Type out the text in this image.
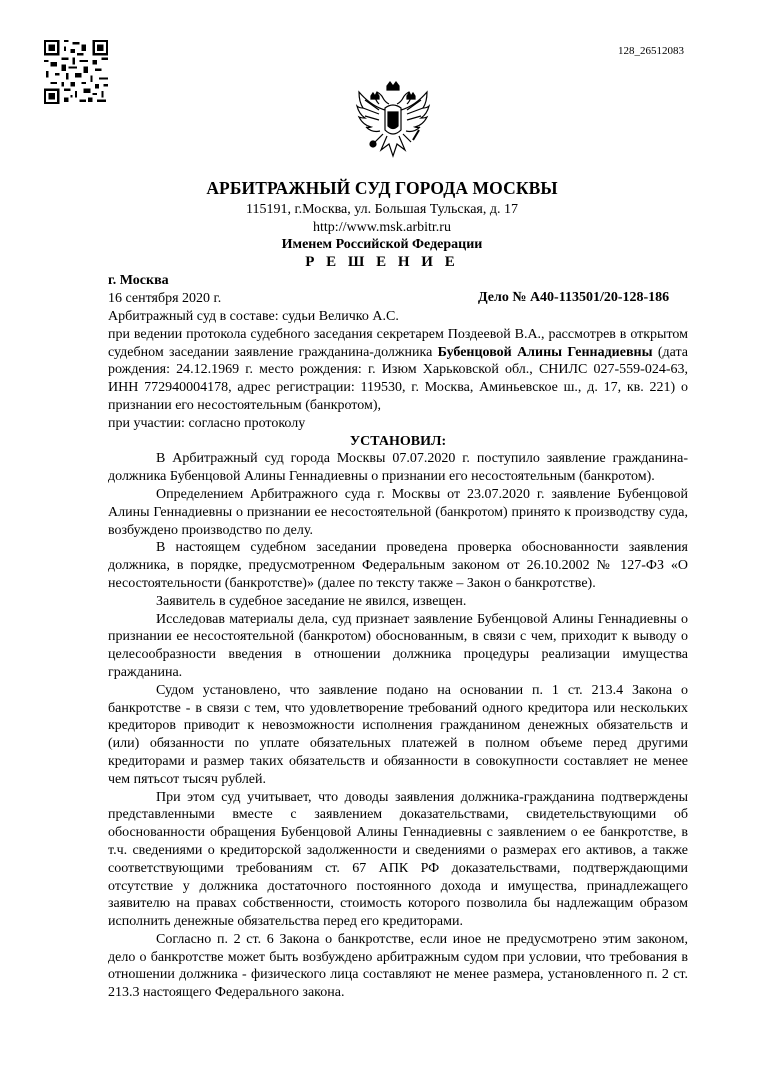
128_26512083
АРБИТРАЖНЫЙ СУД ГОРОДА МОСКВЫ
115191, г.Москва, ул. Большая Тульская, д. 17
http://www.msk.arbitr.ru
Именем Российской Федерации
Р Е Ш Е Н И Е
г. Москва
16 сентября 2020 г.	Дело № А40-113501/20-128-186

Арбитражный суд в составе: судьи Величко А.С.

при ведении протокола судебного заседания секретарем Поздеевой В.А., рассмотрев в открытом судебном заседании заявление гражданина-должника Бубенцовой Алины Геннадиевны (дата рождения: 24.12.1969 г. место рождения: г. Изюм Харьковской обл., СНИЛС 027-559-024-63, ИНН 772940004178, адрес регистрации: 119530, г. Москва, Аминьевское ш., д. 17, кв. 221) о признании его несостоятельным (банкротом),

при участии: согласно протоколу

УСТАНОВИЛ:

В Арбитражный суд города Москвы 07.07.2020 г. поступило заявление гражданина-должника Бубенцовой Алины Геннадиевны о признании его несостоятельным (банкротом).

Определением Арбитражного суда г. Москвы от 23.07.2020 г. заявление Бубенцовой Алины Геннадиевны о признании ее несостоятельной (банкротом) принято к производству суда, возбуждено производство по делу.

В настоящем судебном заседании проведена проверка обоснованности заявления должника, в порядке, предусмотренном Федеральным законом от 26.10.2002 № 127-ФЗ «О несостоятельности (банкротстве)» (далее по тексту также – Закон о банкротстве).

Заявитель в судебное заседание не явился, извещен.

Исследовав материалы дела, суд признает заявление Бубенцовой Алины Геннадиевны о признании ее несостоятельной (банкротом) обоснованным, в связи с чем, приходит к выводу о целесообразности введения в отношении должника процедуры реализации имущества гражданина.

Судом установлено, что заявление подано на основании п. 1 ст. 213.4 Закона о банкротстве - в связи с тем, что удовлетворение требований одного кредитора или нескольких кредиторов приводит к невозможности исполнения гражданином денежных обязательств и (или) обязанности по уплате обязательных платежей в полном объеме перед другими кредиторами и размер таких обязательств и обязанности в совокупности составляет не менее чем пятьсот тысяч рублей.

При этом суд учитывает, что доводы заявления должника-гражданина подтверждены представленными вместе с заявлением доказательствами, свидетельствующими об обоснованности обращения Бубенцовой Алины Геннадиевны с заявлением о ее банкротстве, в т.ч. сведениями о кредиторской задолженности и сведениями о размерах его активов, а также соответствующими требованиям ст. 67 АПК РФ доказательствами, подтверждающими отсутствие у должника достаточного постоянного дохода и имущества, принадлежащего заявителю на правах собственности, стоимость которого позволила бы надлежащим образом исполнить денежные обязательства перед его кредиторами.

Согласно п. 2 ст. 6 Закона о банкротстве, если иное не предусмотрено этим законом, дело о банкротстве может быть возбуждено арбитражным судом при условии, что требования в отношении должника - физического лица составляют не менее размера, установленного п. 2 ст. 213.3 настоящего Федерального закона.
